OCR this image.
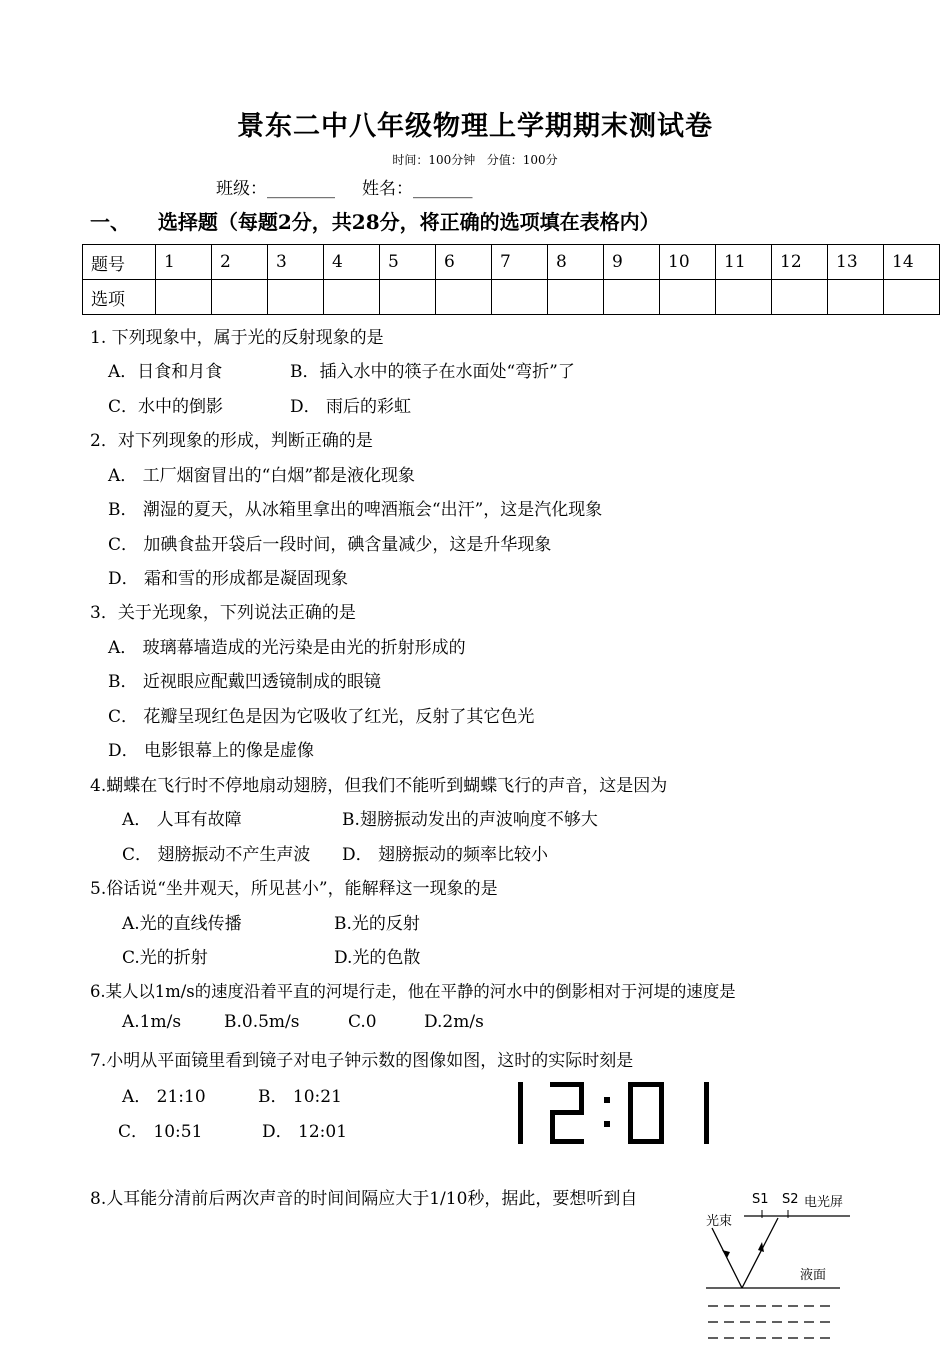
景东二中八年级物理上学期期末测试卷
时间：100分钟 分值：100分
班级：________ 姓名：_______
一、 选择题（每题2分，共28分，将正确的选项填在表格内）
题号	1	2	3	4	5	6	7	8	9	10	11	12	13	14
选项														
1. 下列现象中，属于光的反射现象的是
A．日食和月食	B．插入水中的筷子在水面处“弯折”了
C．水中的倒影	D． 雨后的彩虹
2．对下列现象的形成，判断正确的是
A． 工厂烟窗冒出的“白烟”都是液化现象
B． 潮湿的夏天，从冰箱里拿出的啤酒瓶会“出汗”，这是汽化现象
C． 加碘食盐开袋后一段时间，碘含量减少，这是升华现象
D． 霜和雪的形成都是凝固现象
3．关于光现象，下列说法正确的是
A． 玻璃幕墙造成的光污染是由光的折射形成的
B． 近视眼应配戴凹透镜制成的眼镜
C． 花瓣呈现红色是因为它吸收了红光，反射了其它色光
D． 电影银幕上的像是虚像
4.蝴蝶在飞行时不停地扇动翅膀，但我们不能听到蝴蝶飞行的声音，这是因为
A． 人耳有故障	B.翅膀振动发出的声波响度不够大
C． 翅膀振动不产生声波 D． 翅膀振动的频率比较小
5.俗话说“坐井观天，所见甚小”，能解释这一现象的是
A.光的直线传播	B.光的反射
C.光的折射	D.光的色散
6.某人以1m/s的速度沿着平直的河堤行走，他在平静的河水中的倒影相对于河堤的速度是
A.1m/s	B.0.5m/s	C.0	D.2m/s
7.小明从平面镜里看到镜子对电子钟示数的图像如图，这时的实际时刻是
A． 21:10	B． 10:21
C． 10:51	D． 12:01
8.人耳能分清前后两次声音的时间间隔应大于1/10秒，据此，要想听到自	S1 S2 电光屏
光束
液面
